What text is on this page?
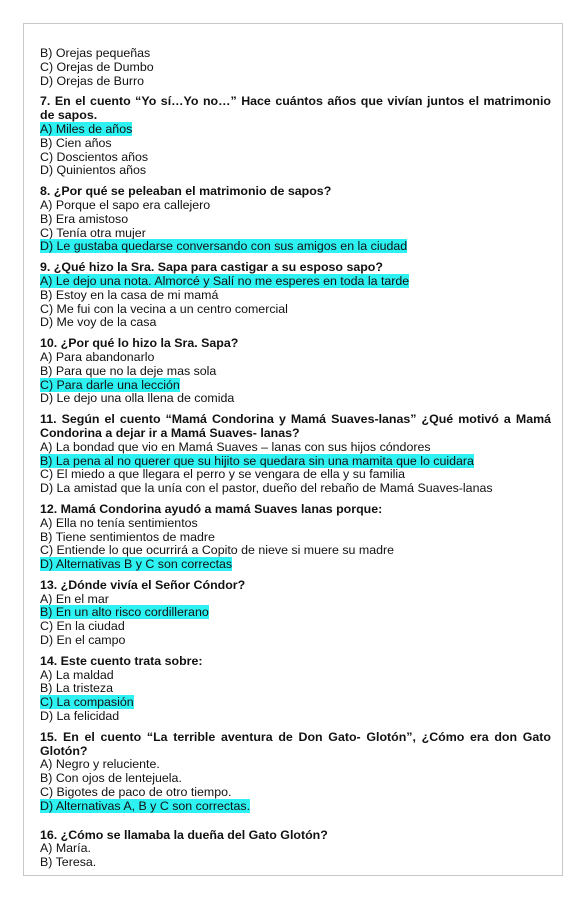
B) Orejas pequeñas
C) Orejas de Dumbo
D) Orejas de Burro
7. En el cuento “Yo sí…Yo no…” Hace cuántos años que vivían juntos el matrimonio de sapos.
A) Miles de años
B) Cien años
C) Doscientos años
D) Quinientos años
8. ¿Por qué se peleaban el matrimonio de sapos?
A) Porque el sapo era callejero
B) Era amistoso
C) Tenía otra mujer
D) Le gustaba quedarse conversando con sus amigos en la ciudad
9. ¿Qué hizo la Sra. Sapa para castigar a su esposo sapo?
A) Le dejo una nota. Almorcé y Salí no me esperes en toda la tarde
B) Estoy en la casa de mi mamá
C) Me fui con la vecina a un centro comercial
D) Me voy de la casa
10. ¿Por qué lo hizo la Sra. Sapa?
A) Para abandonarlo
B) Para que no la deje mas sola
C) Para darle una lección
D) Le dejo una olla llena de comida
11. Según el cuento “Mamá Condorina y Mamá Suaves-lanas” ¿Qué motivó a Mamá Condorina a dejar ir a Mamá Suaves- lanas?
A) La bondad que vio en Mamá Suaves – lanas con sus hijos cóndores
B) La pena al no querer que su hijito se quedara sin una mamita que lo cuidara
C) El miedo a que llegara el perro y se vengara de ella y su familia
D) La amistad que la unía con el pastor, dueño del rebaño de Mamá Suaves-lanas
12. Mamá Condorina ayudó a mamá Suaves lanas porque:
A) Ella no tenía sentimientos
B) Tiene sentimientos de madre
C) Entiende lo que ocurrirá a Copito de nieve si muere su madre
D) Alternativas B y C son correctas
13. ¿Dónde vivía el Señor Cóndor?
A) En el mar
B) En un alto risco cordillerano
C) En la ciudad
D) En el campo
14. Este cuento trata sobre:
A) La maldad
B) La tristeza
C) La compasión
D) La felicidad
15. En el cuento “La terrible aventura de Don Gato- Glotón”, ¿Cómo era don Gato Glotón?
A) Negro y reluciente.
B) Con ojos de lentejuela.
C) Bigotes de paco de otro tiempo.
D) Alternativas A, B y C son correctas.
16. ¿Cómo se llamaba la dueña del Gato Glotón?
A) María.
B) Teresa.
